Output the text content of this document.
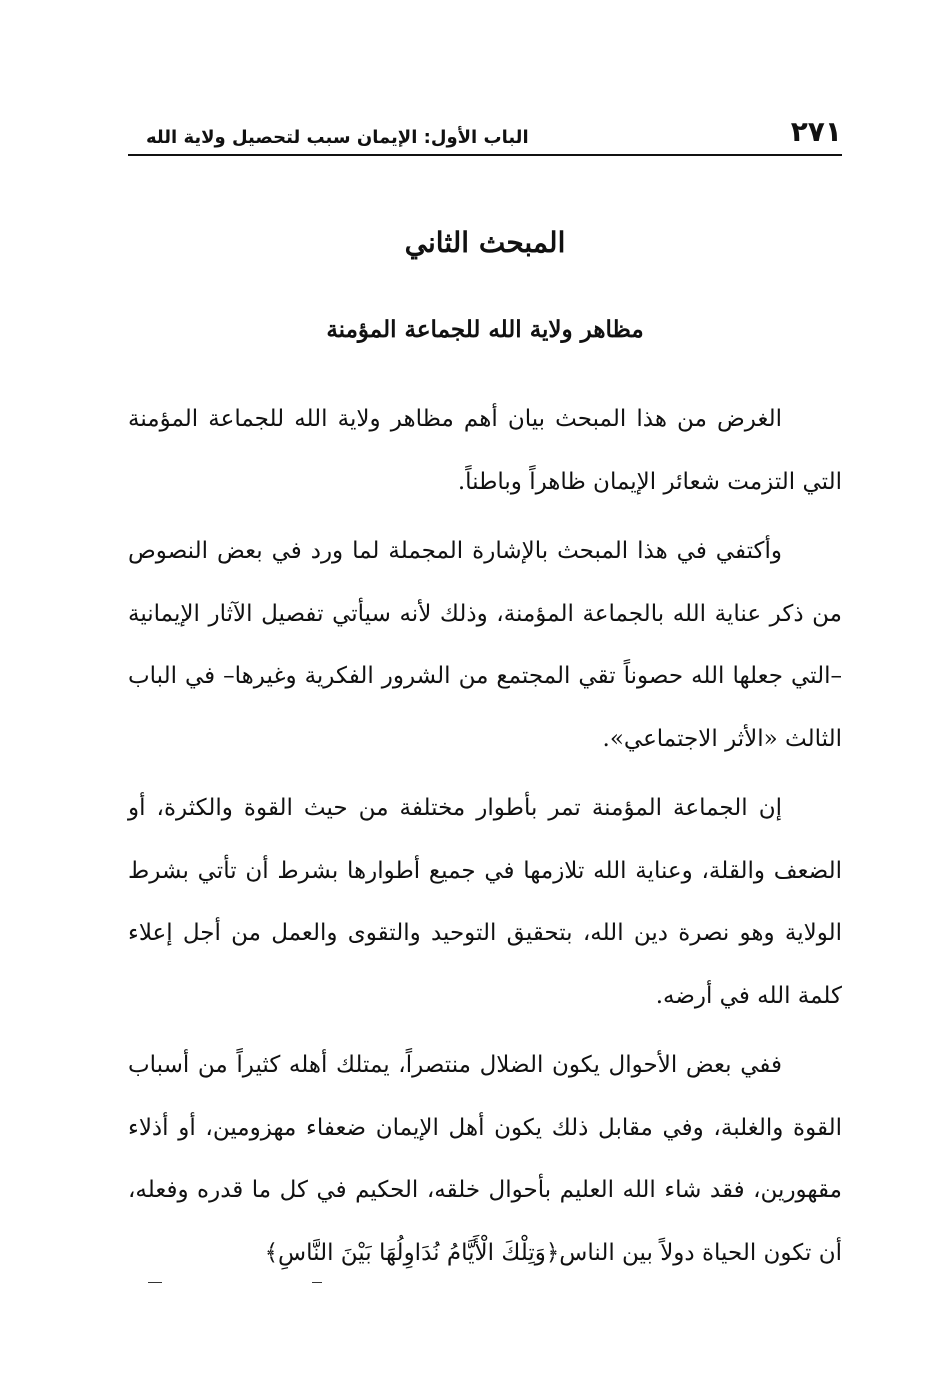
٢٧١
الباب الأول: الإيمان سبب لتحصيل ولاية الله
المبحث الثاني
مظاهر ولاية الله للجماعة المؤمنة

الغرض من هذا المبحث بيان أهم مظاهر ولاية الله للجماعة المؤمنة التي التزمت شعائر الإيمان ظاهراً وباطناً.

وأكتفي في هذا المبحث بالإشارة المجملة لما ورد في بعض النصوص من ذكر عناية الله بالجماعة المؤمنة، وذلك لأنه سيأتي تفصيل الآثار الإيمانية –التي جعلها الله حصوناً تقي المجتمع من الشرور الفكرية وغيرها– في الباب الثالث «الأثر الاجتماعي».

إن الجماعة المؤمنة تمر بأطوار مختلفة من حيث القوة والكثرة، أو الضعف والقلة، وعناية الله تلازمها في جميع أطوارها بشرط أن تأتي بشرط الولاية وهو نصرة دين الله، بتحقيق التوحيد والتقوى والعمل من أجل إعلاء كلمة الله في أرضه.

ففي بعض الأحوال يكون الضلال منتصراً، يمتلك أهله كثيراً من أسباب القوة والغلبة، وفي مقابل ذلك يكون أهل الإيمان ضعفاء مهزومين، أو أذلاء مقهورين، فقد شاء الله العليم بأحوال خلقه، الحكيم في كل ما قدره وفعله، أن تكون الحياة دولاً بين الناس﴿وَتِلْكَ الْأَيَّامُ نُدَاوِلُهَا بَيْنَ النَّاسِ﴾
